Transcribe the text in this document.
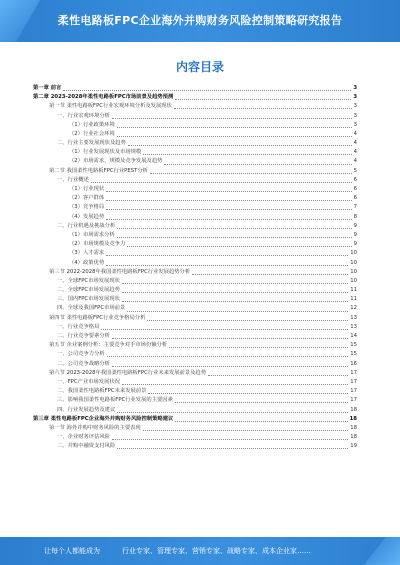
柔性电路板FPC企业海外并购财务风险控制策略研究报告
内容目录
第一章 前言	3
第二章 2023-2028年柔性电路板FPC市场前景及趋势预测	3
第一节 柔性电路板FPC行业宏观环境分析及发展现状	3
一、行业宏观环境分析	3
（1）行业政策环境	3
（2）行业社会环境	4
二、行业主要发展现状及趋势	4
（1）行业发展现状及市场规模	4
（2）市场需求、规模及竞争发展及趋势	4
第二节 我国柔性电路板FPC行业PEST分析	5
一、行业概述	6
（1）行业现状	6
（2）客户群体	6
（3）竞争格局	7
（4）发展趋势	8
二、行业机遇及挑战分析	9
（1）市场需求分析	9
（2）市场规模及竞争力	9
（3）人才需求	10
（4）政策优势	10
第三节 2022-2028年我国柔性电路板FPC行业发展趋势分析	10
一、全球FPC市场发展现状	10
二、全球FPC市场发展趋势	11
三、国内FPC市场发展现状	11
四、全球及我国FPC市场前景	12
第四节 柔性电路板FPC行业竞争格局分析	13
一、行业竞争格局	13
二、行业竞争要素分析	14
第五节 企业案例分析：主要竞争对手市场份额分析	15
一、公司竞争力分析	15
二、公司竞争战略分析	16
第六节 2023-2028年我国柔性电路板FPC行业未来发展前景及趋势	17
一、FPC产业市场发展状况	17
二、我国柔性电路板FPC未来发展前景	17
三、影响我国柔性电路板FPC行业发展的主要因素	17
四、行业发展趋势及建议	18
第三章 柔性电路板FPC企业海外并购财务风险控制策略建议	18
第一节 海外并购中财务风险的主要表现	18
一、企业财务评估风险	18
二、并购中融资支付风险	19
让每个人都能成为	行业专家、管理专家、营销专家、战略专家、成本企业家……
